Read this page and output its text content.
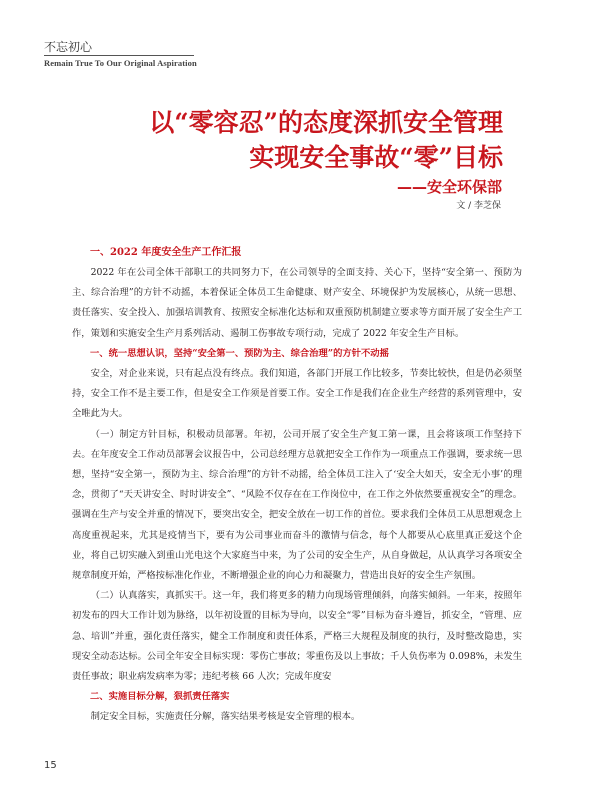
不忘初心
Remain True To Our Original Aspiration
以“零容忍”的态度深抓安全管理
实现安全事故“零”目标
——安全环保部
文 / 李芝保
一、2022 年度安全生产工作汇报

2022 年在公司全体干部职工的共同努力下，在公司领导的全面支持、关心下，坚持“安全第一、预防为主、综合治理”的方针不动摇，本着保证全体员工生命健康、财产安全、环境保护为发展核心，从统一思想、责任落实、安全投入、加强培训教育、按照安全标准化达标和双重预防机制建立要求等方面开展了安全生产工作，策划和实施安全生产月系列活动、遏制工伤事故专项行动，完成了 2022 年安全生产目标。

一、统一思想认识，坚持“安全第一、预防为主、综合治理”的方针不动摇

安全，对企业来说，只有起点没有终点。我们知道，各部门开展工作比较多，节奏比较快，但是仍必须坚持，安全工作不是主要工作，但是安全工作须是首要工作。安全工作是我们在企业生产经营的系列管理中，安全唯此为大。

（一）制定方针目标，积极动员部署。年初，公司开展了安全生产复工第一课，且会将该项工作坚持下去。在年度安全工作动员部署会议报告中，公司总经理方总就把安全工作作为一项重点工作强调，要求统一思想，坚持“安全第一，预防为主、综合治理”的方针不动摇，给全体员工注入了‘安全大如天，安全无小事’的理念，贯彻了“天天讲安全、时时讲安全”、“风险不仅存在在工作岗位中，在工作之外依然要重视安全”的理念。强调在生产与安全并重的情况下，要突出安全，把安全放在一切工作的首位。要求我们全体员工从思想观念上高度重视起来，尤其是疫情当下，要有为公司事业而奋斗的激情与信念，每个人都要从心底里真正爱这个企业，将自己切实融入到重山光电这个大家庭当中来，为了公司的安全生产，从自身做起，从认真学习各项安全规章制度开始，严格按标准化作业，不断增强企业的向心力和凝聚力，营造出良好的安全生产氛围。

（二）认真落实，真抓实干。这一年，我们将更多的精力向现场管理倾斜，向落实倾斜。一年来，按照年初发布的四大工作计划为脉络，以年初设置的目标为导向，以安全“零”目标为奋斗遵旨，抓安全，“管理、应急、培训”并重，强化责任落实，健全工作制度和责任体系，严格三大规程及制度的执行，及时整改隐患，实现安全动态达标。公司全年安全目标实现：零伤亡事故；零重伤及以上事故；千人负伤率为 0.098%，未发生责任事故；职业病发病率为零；违纪考核 66 人次；完成年度安

二、实施目标分解，狠抓责任落实

制定安全目标，实施责任分解，落实结果考核是安全管理的根本。

15
